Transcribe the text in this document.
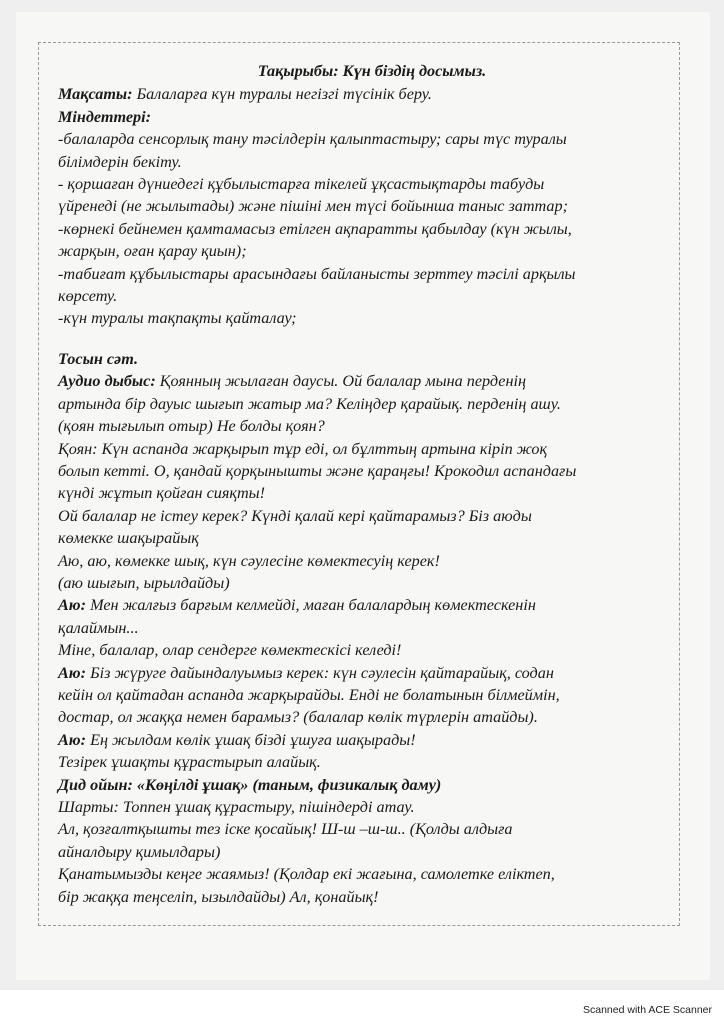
Тақырыбы: Күн біздің досымыз.

Мақсаты: Балаларға күн туралы негізгі түсінік беру.

Міндеттері:

-балаларда сенсорлық тану тәсілдерін қалыптастыру; сары түс туралы

білімдерін бекіту.

- қоршаған дүниедегі құбылыстарға тікелей ұқсастықтарды табуды

үйренеді (не жылытады) және пішіні мен түсі бойынша таныс заттар;

-көрнекі бейнемен қамтамасыз етілген ақпаратты қабылдау (күн жылы,

жарқын, оған қарау қиын);

-табиғат құбылыстары арасындағы байланысты зерттеу тәсілі арқылы

көрсету.

-күн туралы тақпақты қайталау;

Тосын сәт.

Аудио дыбыс: Қоянның жылаған даусы. Ой балалар мына перденің

артында бір дауыс шығып жатыр ма? Келіңдер қарайық. перденің ашу.

(қоян тығылып отыр) Не болды қоян?

Қоян: Күн аспанда жарқырып тұр еді, ол бұлттың артына кіріп жоқ

болып кетті. О, қандай қорқынышты және қараңғы! Крокодил аспандағы

күнді жұтып қойған сияқты!

Ой балалар не істеу керек? Күнді қалай кері қайтарамыз? Біз аюды

көмекке шақырайық

Аю, аю, көмекке шық, күн сәулесіне көмектесуің керек!

(аю шығып, ырылдайды)

Аю: Мен жалғыз барғым келмейді, маған балалардың көмектескенін

қалаймын...

Міне, балалар, олар сендерге көмектескісі келеді!

Аю: Біз жүруге дайындалуымыз керек: күн сәулесін қайтарайық, содан

кейін ол қайтадан аспанда жарқырайды. Енді не болатынын білмеймін,

достар, ол жаққа немен барамыз? (балалар көлік түрлерін атайды).

Аю: Ең жылдам көлік ұшақ бізді ұшуға шақырады!

Тезірек ұшақты құрастырып алайық.

Дид ойын: «Көңілді ұшақ» (таным, физикалық даму)

Шарты: Топпен ұшақ құрастыру, пішіндерді атау.

Ал, қозғалтқышты тез іске қосайық! Ш-ш –ш-ш.. (Қолды алдыға

айналдыру қимылдары)

Қанатымызды кеңге жаямыз! (Қолдар екі жағына, самолетке еліктеп,

бір жаққа теңселіп, ызылдайды) Ал, қонайық!

Scanned with ACE Scanner
